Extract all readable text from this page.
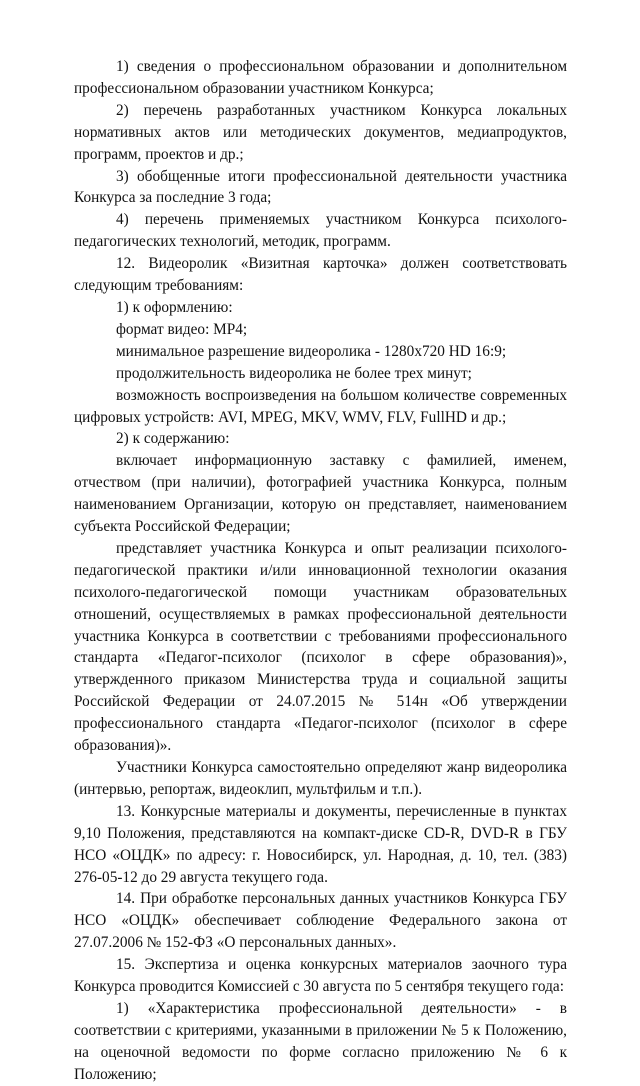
1) сведения о профессиональном образовании и дополнительном профессиональном образовании участником Конкурса;

2) перечень разработанных участником Конкурса локальных нормативных актов или методических документов, медиапродуктов, программ, проектов и др.;

3) обобщенные итоги профессиональной деятельности участника Конкурса за последние 3 года;

4) перечень применяемых участником Конкурса психолого-педагогических технологий, методик, программ.

12. Видеоролик «Визитная карточка» должен соответствовать следующим требованиям:

1) к оформлению:

формат видео: MP4;

минимальное разрешение видеоролика - 1280х720 HD 16:9;

продолжительность видеоролика не более трех минут;

возможность воспроизведения на большом количестве современных цифровых устройств: AVI, MPEG, MKV, WMV, FLV, FullHD и др.;

2) к содержанию:

включает информационную заставку с фамилией, именем, отчеством (при наличии), фотографией участника Конкурса, полным наименованием Организации, которую он представляет, наименованием субъекта Российской Федерации;

представляет участника Конкурса и опыт реализации психолого-педагогической практики и/или инновационной технологии оказания психолого-педагогической помощи участникам образовательных отношений, осуществляемых в рамках профессиональной деятельности участника Конкурса в соответствии с требованиями профессионального стандарта «Педагог-психолог (психолог в сфере образования)», утвержденного приказом Министерства труда и социальной защиты Российской Федерации от 24.07.2015 № 514н «Об утверждении профессионального стандарта «Педагог-психолог (психолог в сфере образования)».

Участники Конкурса самостоятельно определяют жанр видеоролика (интервью, репортаж, видеоклип, мультфильм и т.п.).

13. Конкурсные материалы и документы, перечисленные в пунктах 9,10 Положения, представляются на компакт-диске CD-R, DVD-R в ГБУ НСО «ОЦДК» по адресу: г. Новосибирск, ул. Народная, д. 10, тел. (383) 276-05-12 до 29 августа текущего года.

14. При обработке персональных данных участников Конкурса ГБУ НСО «ОЦДК» обеспечивает соблюдение Федерального закона от 27.07.2006 № 152-ФЗ «О персональных данных».

15. Экспертиза и оценка конкурсных материалов заочного тура Конкурса проводится Комиссией с 30 августа по 5 сентября текущего года:

1) «Характеристика профессиональной деятельности» - в соответствии с критериями, указанными в приложении № 5 к Положению, на оценочной ведомости по форме согласно приложению № 6 к Положению;
